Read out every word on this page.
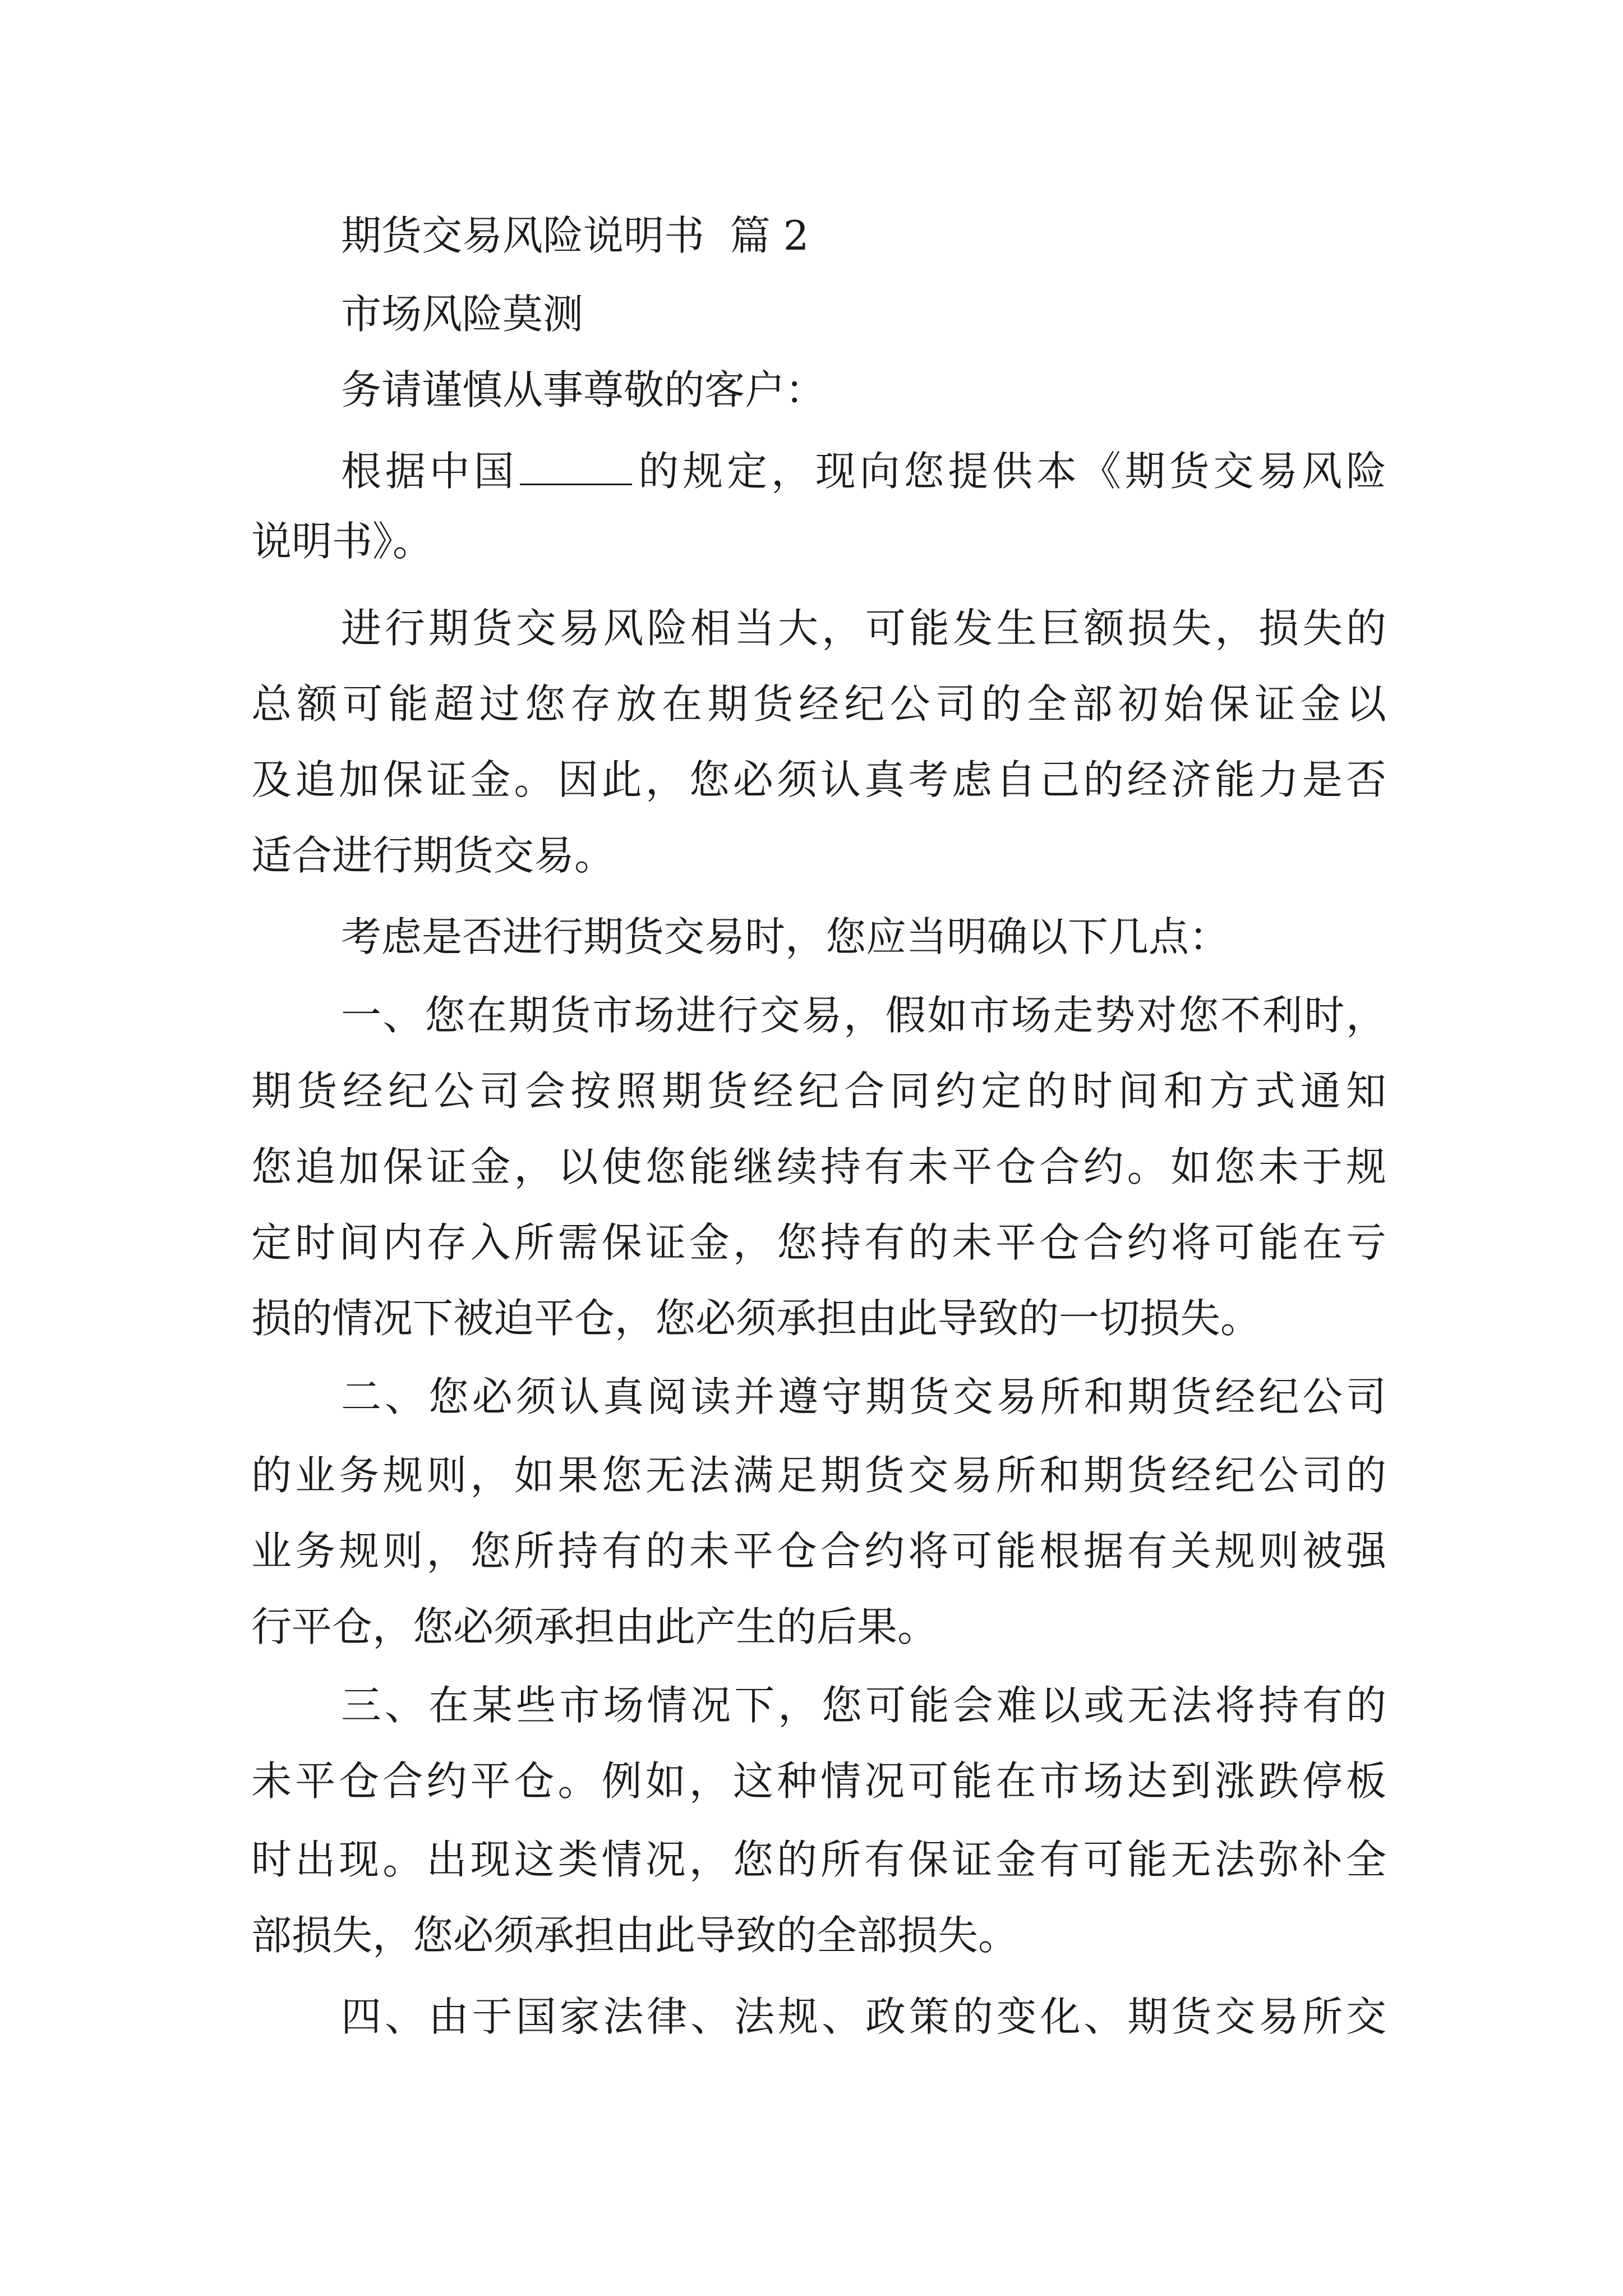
期货交易风险说明书 篇 2
市场风险莫测
务请谨慎从事尊敬的客户：
根据中国	的规定，现向您提供本《期货交易风险
说明书》。
进行期货交易风险相当大，可能发生巨额损失，损失的
总额可能超过您存放在期货经纪公司的全部初始保证金以
及追加保证金。因此，您必须认真考虑自己的经济能力是否
适合进行期货交易。
考虑是否进行期货交易时，您应当明确以下几点：
一、您在期货市场进行交易，假如市场走势对您不利时，
期货经纪公司会按照期货经纪合同约定的时间和方式通知
您追加保证金，以使您能继续持有未平仓合约。如您未于规
定时间内存入所需保证金，您持有的未平仓合约将可能在亏
损的情况下被迫平仓，您必须承担由此导致的一切损失。
二、您必须认真阅读并遵守期货交易所和期货经纪公司
的业务规则，如果您无法满足期货交易所和期货经纪公司的
业务规则，您所持有的未平仓合约将可能根据有关规则被强
行平仓，您必须承担由此产生的后果。
三、在某些市场情况下，您可能会难以或无法将持有的
未平仓合约平仓。例如，这种情况可能在市场达到涨跌停板
时出现。出现这类情况，您的所有保证金有可能无法弥补全
部损失，您必须承担由此导致的全部损失。
四、由于国家法律、法规、政策的变化、期货交易所交
